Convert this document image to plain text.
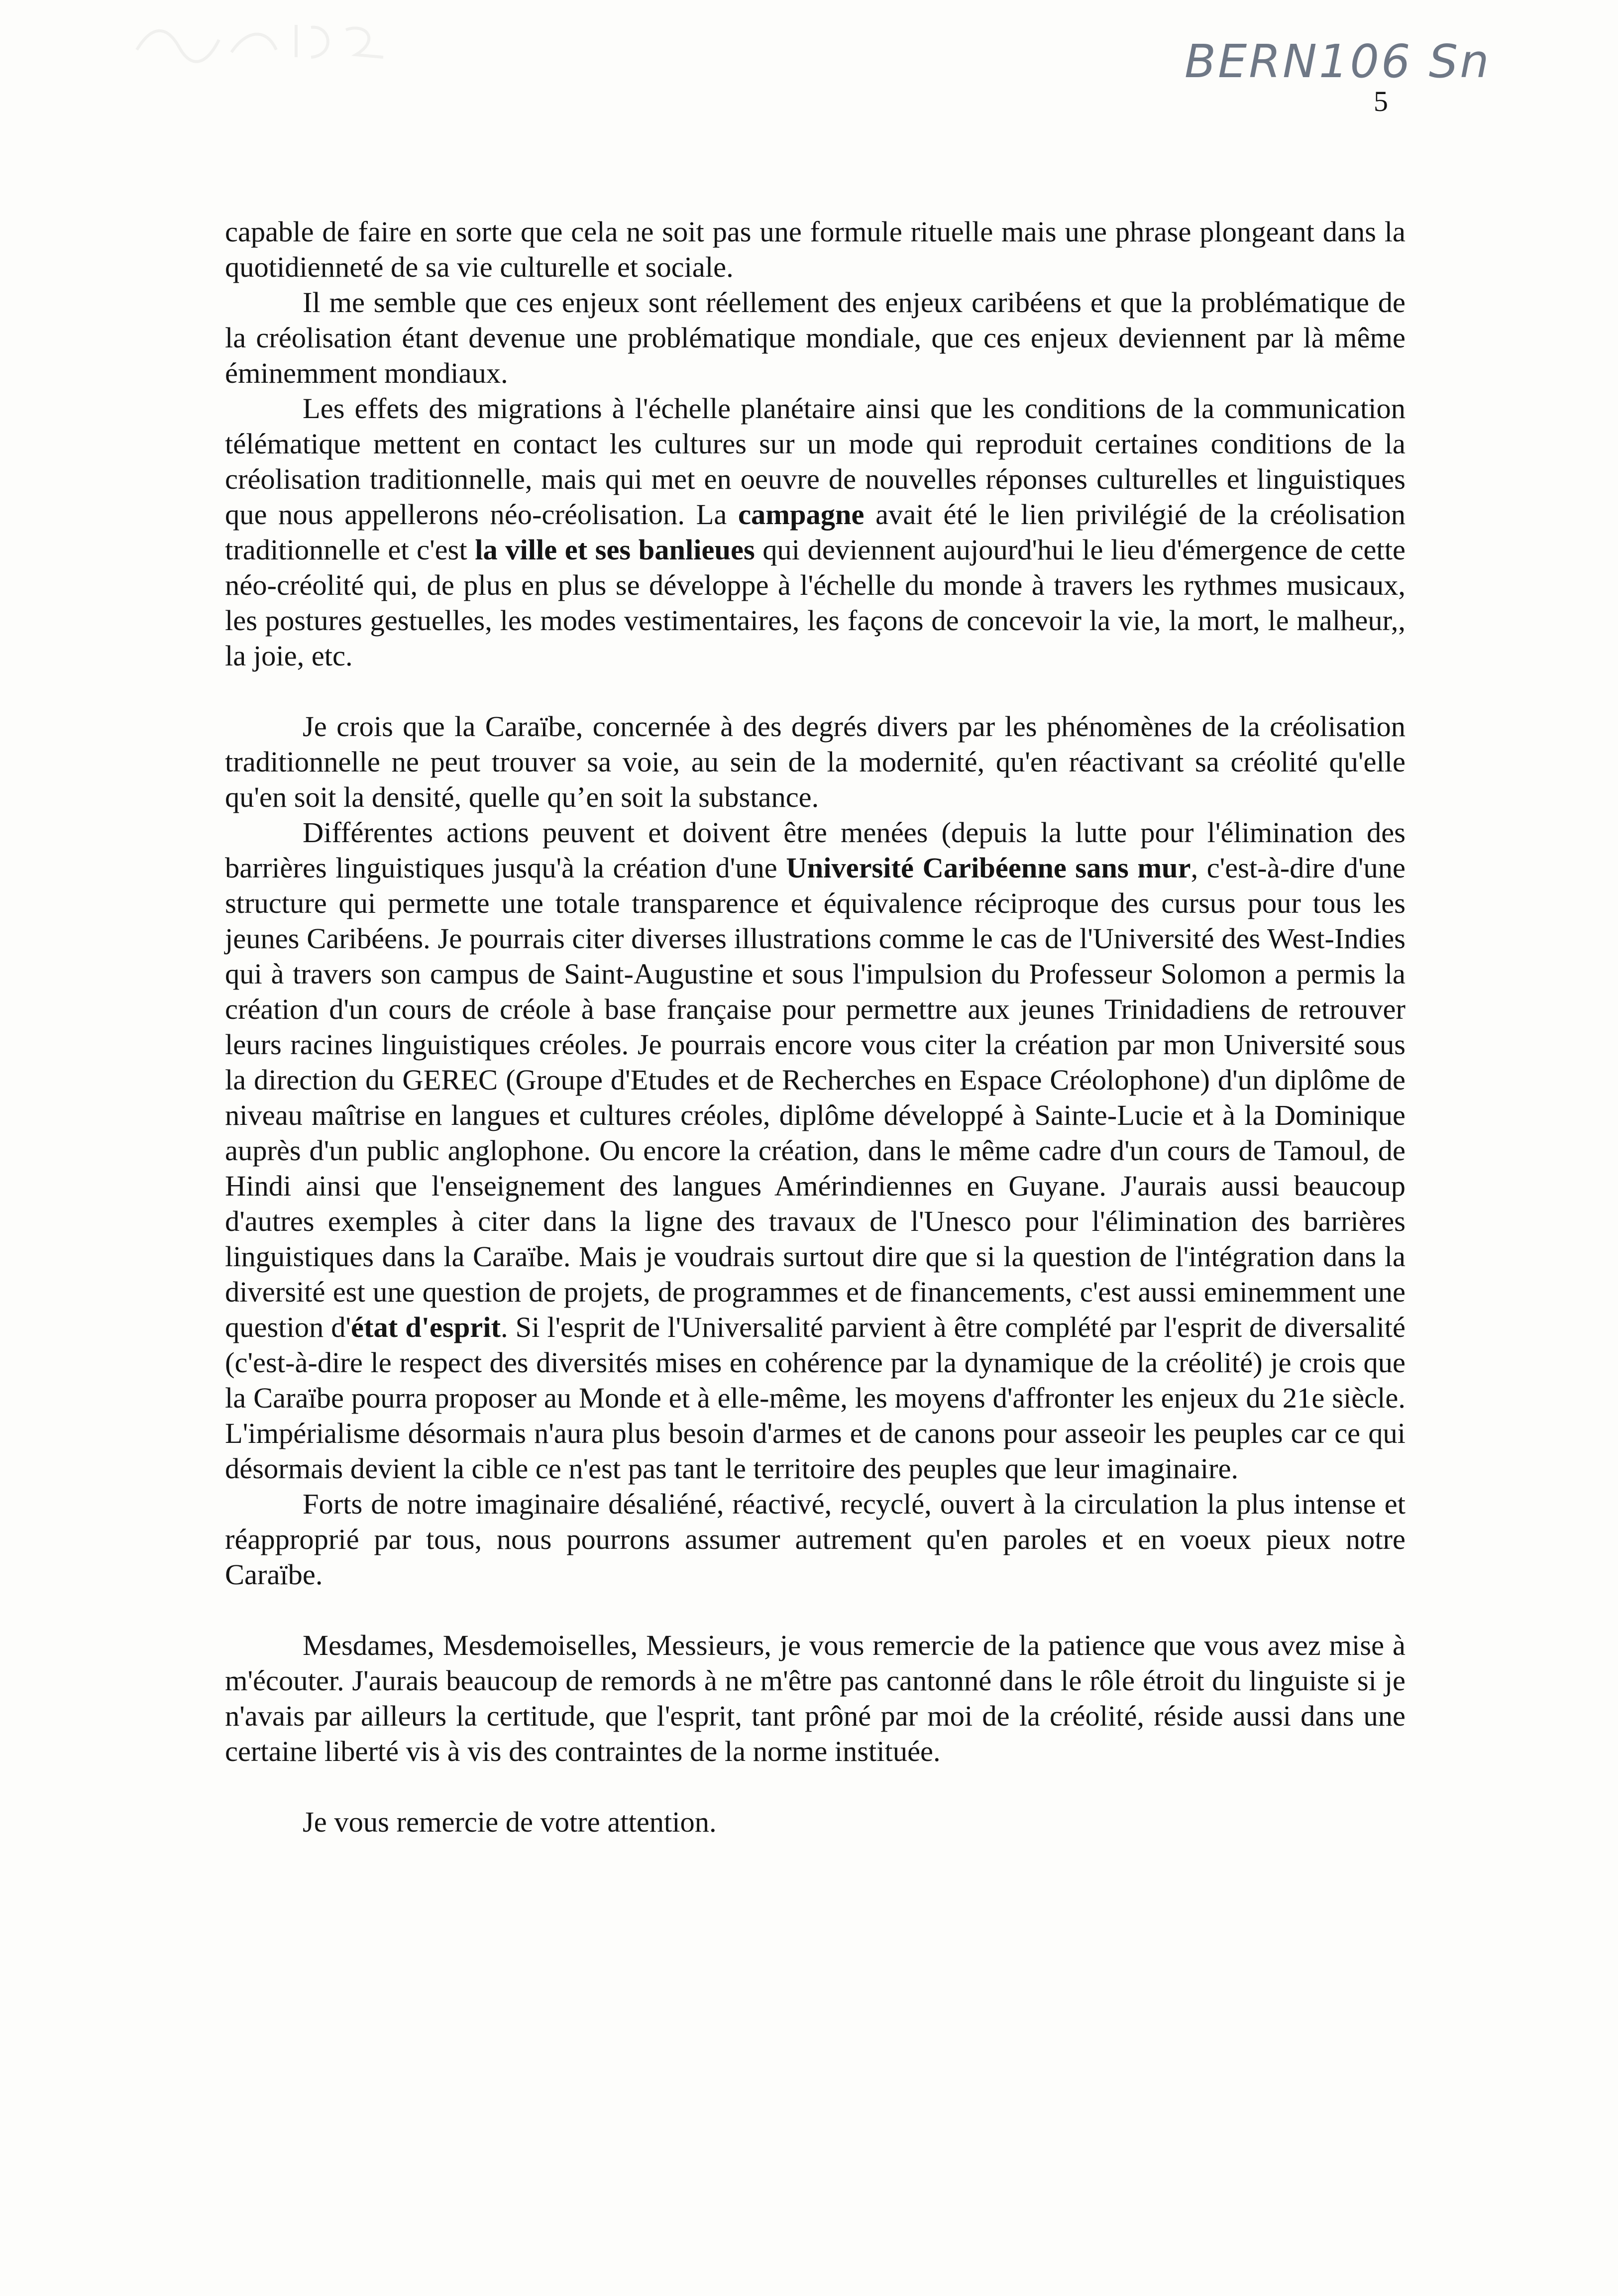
BERN106 Sn
5

capable de faire en sorte que cela ne soit pas une formule rituelle mais une phrase plongeant dans la quotidienneté de sa vie culturelle et sociale.

Il me semble que ces enjeux sont réellement des enjeux caribéens et que la problématique de la créolisation étant devenue une problématique mondiale, que ces enjeux deviennent par là même éminemment mondiaux.

Les effets des migrations à l'échelle planétaire ainsi que les conditions de la communication télématique mettent en contact les cultures sur un mode qui reproduit certaines conditions de la créolisation traditionnelle, mais qui met en oeuvre de nouvelles réponses culturelles et linguistiques que nous appellerons néo-créolisation. La campagne avait été le lien privilégié de la créolisation traditionnelle et c'est la ville et ses banlieues qui deviennent aujourd'hui le lieu d'émergence de cette néo-créolité qui, de plus en plus se développe à l'échelle du monde à travers les rythmes musicaux, les postures gestuelles, les modes vestimentaires, les façons de concevoir la vie, la mort, le malheur,, la joie, etc.

Je crois que la Caraïbe, concernée à des degrés divers par les phénomènes de la créolisation traditionnelle ne peut trouver sa voie, au sein de la modernité, qu'en réactivant sa créolité qu'elle qu'en soit la densité, quelle qu’en soit la substance.

Différentes actions peuvent et doivent être menées (depuis la lutte pour l'élimination des barrières linguistiques jusqu'à la création d'une Université Caribéenne sans mur, c'est-à-dire d'une structure qui permette une totale transparence et équivalence réciproque des cursus pour tous les jeunes Caribéens. Je pourrais citer diverses illustrations comme le cas de l'Université des West-Indies qui à travers son campus de Saint-Augustine et sous l'impulsion du Professeur Solomon a permis la création d'un cours de créole à base française pour permettre aux jeunes Trinidadiens de retrouver leurs racines linguistiques créoles. Je pourrais encore vous citer la création par mon Université sous la direction du GEREC (Groupe d'Etudes et de Recherches en Espace Créolophone) d'un diplôme de niveau maîtrise en langues et cultures créoles, diplôme développé à Sainte-Lucie et à la Dominique auprès d'un public anglophone. Ou encore la création, dans le même cadre d'un cours de Tamoul, de Hindi ainsi que l'enseignement des langues Amérindiennes en Guyane. J'aurais aussi beaucoup d'autres exemples à citer dans la ligne des travaux de l'Unesco pour l'élimination des barrières linguistiques dans la Caraïbe. Mais je voudrais surtout dire que si la question de l'intégration dans la diversité est une question de projets, de programmes et de financements, c'est aussi eminemment une question d'état d'esprit. Si l'esprit de l'Universalité parvient à être complété par l'esprit de diversalité (c'est-à-dire le respect des diversités mises en cohérence par la dynamique de la créolité) je crois que la Caraïbe pourra proposer au Monde et à elle-même, les moyens d'affronter les enjeux du 21e siècle. L'impérialisme désormais n'aura plus besoin d'armes et de canons pour asseoir les peuples car ce qui désormais devient la cible ce n'est pas tant le territoire des peuples que leur imaginaire.

Forts de notre imaginaire désaliéné, réactivé, recyclé, ouvert à la circulation la plus intense et réapproprié par tous, nous pourrons assumer autrement qu'en paroles et en voeux pieux notre Caraïbe.

Mesdames, Mesdemoiselles, Messieurs, je vous remercie de la patience que vous avez mise à m'écouter. J'aurais beaucoup de remords à ne m'être pas cantonné dans le rôle étroit du linguiste si je n'avais par ailleurs la certitude, que l'esprit, tant prôné par moi de la créolité, réside aussi dans une certaine liberté vis à vis des contraintes de la norme instituée.

Je vous remercie de votre attention.
